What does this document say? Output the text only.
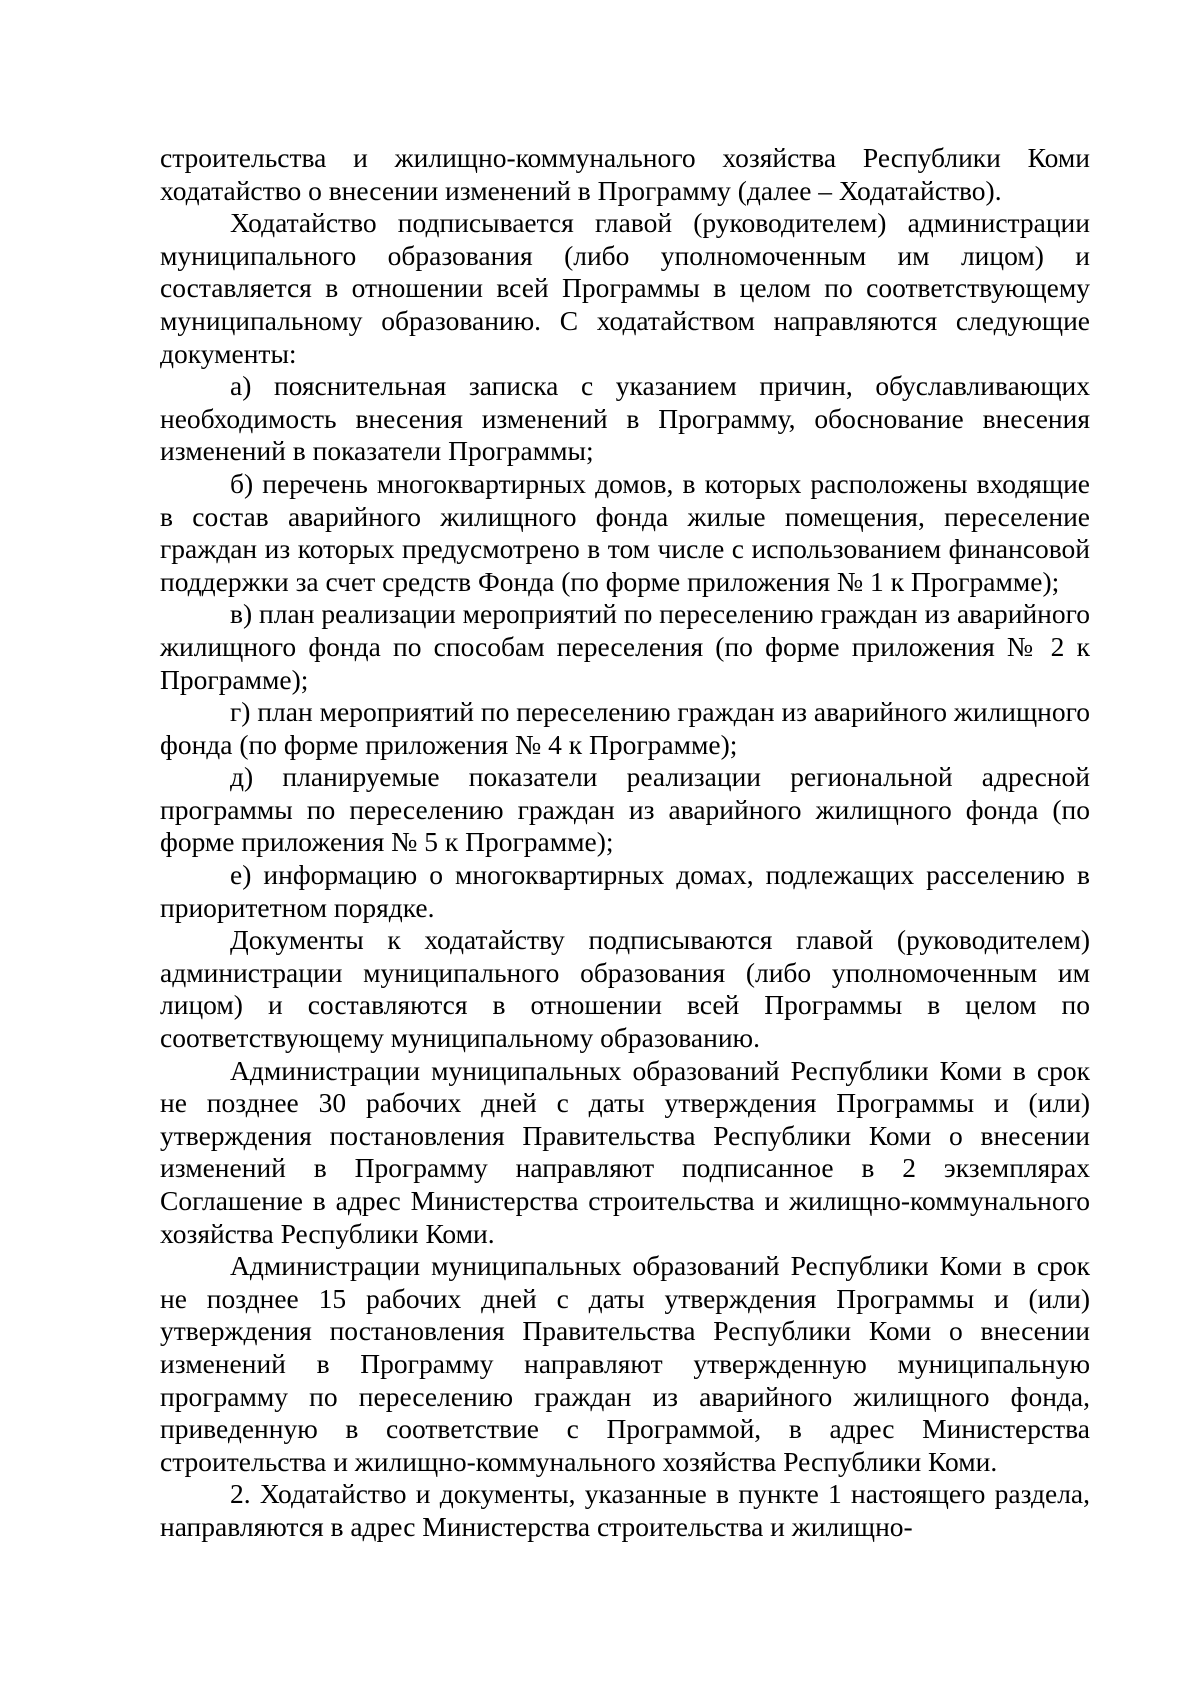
строительства и жилищно-коммунального хозяйства Республики Коми ходатайство о внесении изменений в Программу (далее – Ходатайство).

Ходатайство подписывается главой (руководителем) администрации муниципального образования (либо уполномоченным им лицом) и составляется в отношении всей Программы в целом по соответствующему муниципальному образованию. С ходатайством направляются следующие документы:

а) пояснительная записка с указанием причин, обуславливающих необходимость внесения изменений в Программу, обоснование внесения изменений в показатели Программы;

б) перечень многоквартирных домов, в которых расположены входящие в состав аварийного жилищного фонда жилые помещения, переселение граждан из которых предусмотрено в том числе с использованием финансовой поддержки за счет средств Фонда (по форме приложения № 1 к Программе);

в) план реализации мероприятий по переселению граждан из аварийного жилищного фонда по способам переселения (по форме приложения № 2 к Программе);

г) план мероприятий по переселению граждан из аварийного жилищного фонда (по форме приложения № 4 к Программе);

д) планируемые показатели реализации региональной адресной программы по переселению граждан из аварийного жилищного фонда (по форме приложения № 5 к Программе);

е) информацию о многоквартирных домах, подлежащих расселению в приоритетном порядке.

Документы к ходатайству подписываются главой (руководителем) администрации муниципального образования (либо уполномоченным им лицом) и составляются в отношении всей Программы в целом по соответствующему муниципальному образованию.

Администрации муниципальных образований Республики Коми в срок не позднее 30 рабочих дней с даты утверждения Программы и (или) утверждения постановления Правительства Республики Коми о внесении изменений в Программу направляют подписанное в 2 экземплярах Соглашение в адрес Министерства строительства и жилищно-коммунального хозяйства Республики Коми.

Администрации муниципальных образований Республики Коми в срок не позднее 15 рабочих дней с даты утверждения Программы и (или) утверждения постановления Правительства Республики Коми о внесении изменений в Программу направляют утвержденную муниципальную программу по переселению граждан из аварийного жилищного фонда, приведенную в соответствие с Программой, в адрес Министерства строительства и жилищно-коммунального хозяйства Республики Коми.

2. Ходатайство и документы, указанные в пункте 1 настоящего раздела, направляются в адрес Министерства строительства и жилищно-
